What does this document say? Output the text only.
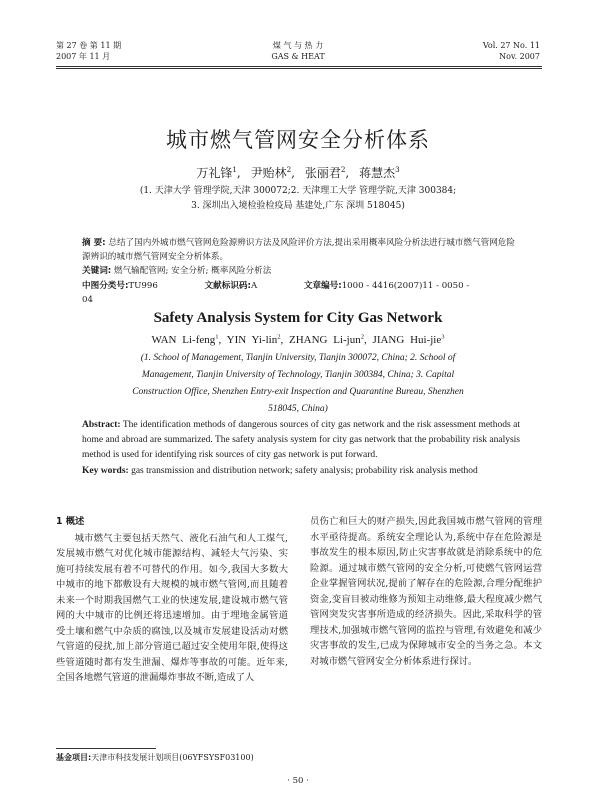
第 27 卷 第 11 期
2007 年 11 月
煤 气 与 热 力
GAS & HEAT
Vol. 27 No. 11
Nov. 2007
城市燃气管网安全分析体系
万礼锋$^1$, 尹贻林$^2$, 张丽君$^2$, 蒋慧杰$^3$
(1. 天津大学 管理学院,天津 300072;2. 天津理工大学 管理学院,天津 300384;
3. 深圳出入境检验检疫局 基建处,广东 深圳 518045)
摘 要: 总结了国内外城市燃气管网危险源辨识方法及风险评价方法,提出采用概率风险分析法进行城市燃气管网危险源辨识的城市燃气管网安全分析体系。
关键词: 燃气输配管网; 安全分析; 概率风险分析法
中图分类号:TU996	文献标识码:A	文章编号:1000 - 4416(2007)11 - 0050 - 04
Safety Analysis System for City Gas Network
WAN Li-feng$^1$, YIN Yi-lin$^2$, ZHANG Li-jun$^2$, JIANG Hui-jie$^3$
(1. School of Management, Tianjin University, Tianjin 300072, China; 2. School of
Management, Tianjin University of Technology, Tianjin 300384, China; 3. Capital
Construction Office, Shenzhen Entry-exit Inspection and Quarantine Bureau, Shenzhen
518045, China)
Abstract: The identification methods of dangerous sources of city gas network and the risk assessment methods at home and abroad are summarized. The safety analysis system for city gas network that the probability risk analysis method is used for identifying risk sources of city gas network is put forward.
Key words: gas transmission and distribution network; safety analysis; probability risk analysis method
1 概述

城市燃气主要包括天然气、液化石油气和人工煤气,发展城市燃气对优化城市能源结构、减轻大气污染、实施可持续发展有着不可替代的作用。如今,我国大多数大中城市的地下都敷设有大规模的城市燃气管网,而且随着未来一个时期我国燃气工业的快速发展,建设城市燃气管网的大中城市的比例还将迅速增加。由于埋地金属管道受土壤和燃气中杂质的腐蚀,以及城市发展建设活动对燃气管道的侵扰,加上部分管道已超过安全使用年限,使得这些管道随时都有发生泄漏、爆炸等事故的可能。近年来,全国各地燃气管道的泄漏爆炸事故不断,造成了人

员伤亡和巨大的财产损失,因此我国城市燃气管网的管理水平亟待提高。系统安全理论认为,系统中存在危险源是事故发生的根本原因,防止灾害事故就是消除系统中的危险源。通过城市燃气管网的安全分析,可使燃气管网运营企业掌握管网状况,提前了解存在的危险源,合理分配维护资金,变盲目被动维修为预知主动维修,最大程度减少燃气管网突发灾害事所造成的经济损失。因此,采取科学的管理技术,加强城市燃气管网的监控与管理,有效避免和减少灾害事故的发生,已成为保障城市安全的当务之急。本文对城市燃气管网安全分析体系进行探讨。

基金项目:天津市科技发展计划项目(06YFSYSF03100)
· 50 ·
